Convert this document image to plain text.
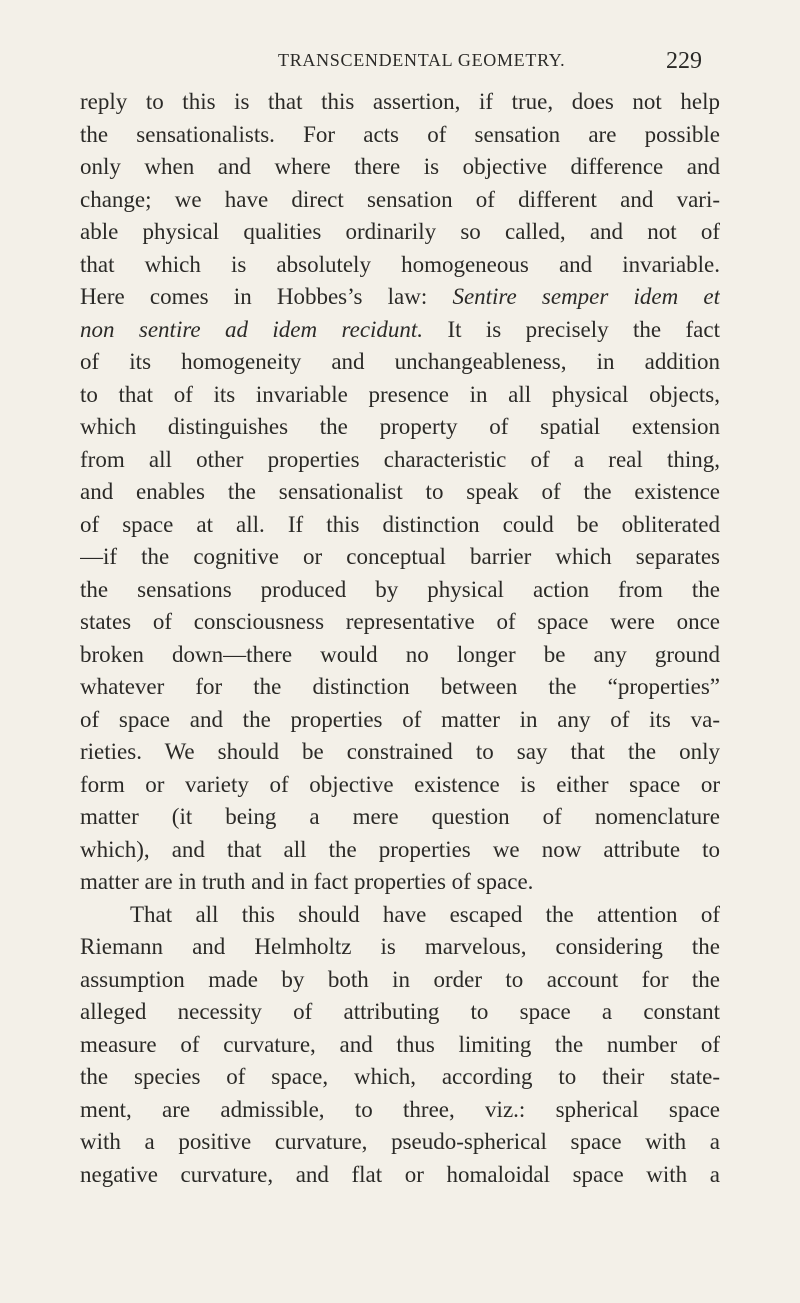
TRANSCENDENTAL GEOMETRY.	229
reply to this is that this assertion, if true, does not help
the sensationalists. For acts of sensation are possible
only when and where there is objective difference and
change; we have direct sensation of different and vari-
able physical qualities ordinarily so called, and not of
that which is absolutely homogeneous and invariable.
Here comes in Hobbes’s law: Sentire semper idem et
non sentire ad idem recidunt. It is precisely the fact
of its homogeneity and unchangeableness, in addition
to that of its invariable presence in all physical objects,
which distinguishes the property of spatial extension
from all other properties characteristic of a real thing,
and enables the sensationalist to speak of the existence
of space at all. If this distinction could be obliterated
—if the cognitive or conceptual barrier which separates
the sensations produced by physical action from the
states of consciousness representative of space were once
broken down—there would no longer be any ground
whatever for the distinction between the “properties”
of space and the properties of matter in any of its va-
rieties. We should be constrained to say that the only
form or variety of objective existence is either space or
matter (it being a mere question of nomenclature
which), and that all the properties we now attribute to
matter are in truth and in fact properties of space.
That all this should have escaped the attention of
Riemann and Helmholtz is marvelous, considering the
assumption made by both in order to account for the
alleged necessity of attributing to space a constant
measure of curvature, and thus limiting the number of
the species of space, which, according to their state-
ment, are admissible, to three, viz.: spherical space
with a positive curvature, pseudo-spherical space with a
negative curvature, and flat or homaloidal space with a
